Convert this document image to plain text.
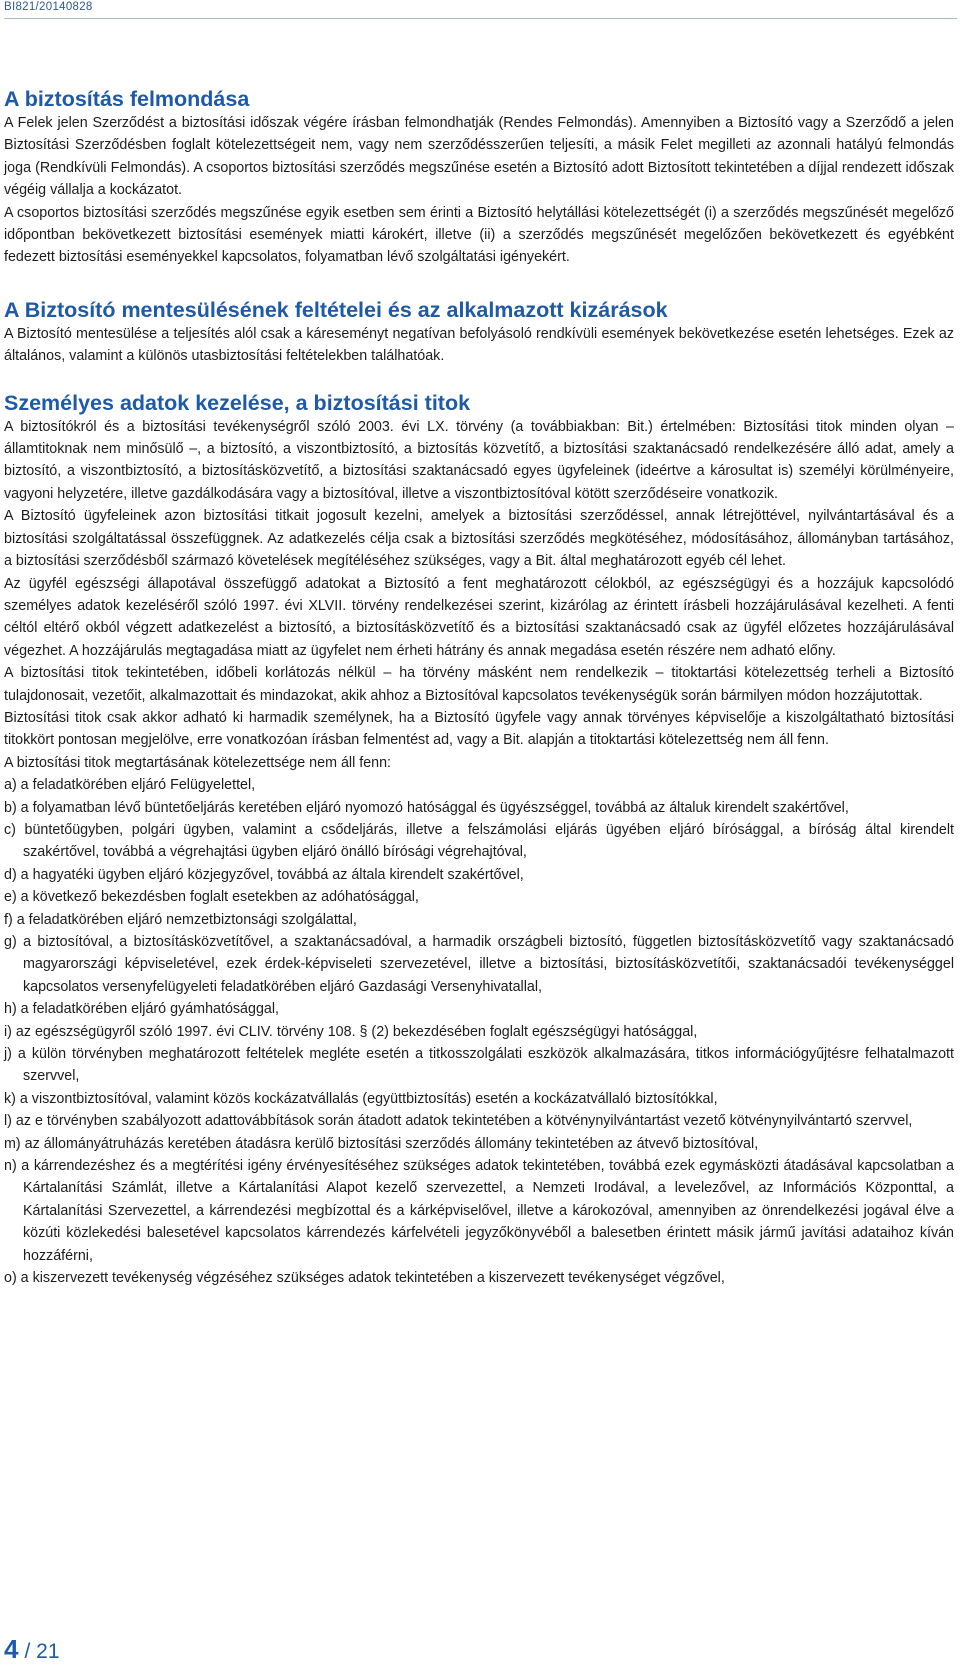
BI821/20140828
A biztosítás felmondása

A Felek jelen Szerződést a biztosítási időszak végére írásban felmondhatják (Rendes Felmondás). Amennyiben a Biztosító vagy a Szerződő a jelen Biztosítási Szerződésben foglalt kötelezettségeit nem, vagy nem szerződésszerűen teljesíti, a másik Felet megilleti az azonnali hatályú felmondás joga (Rendkívüli Felmondás). A csoportos biztosítási szerződés megszűnése esetén a Biztosító adott Biztosított tekintetében a díjjal rendezett időszak végéig vállalja a kockázatot.

A csoportos biztosítási szerződés megszűnése egyik esetben sem érinti a Biztosító helytállási kötelezettségét (i) a szerződés megszűnését megelőző időpontban bekövetkezett biztosítási események miatti károkért, illetve (ii) a szerződés megszűnését megelőzően bekövetkezett és egyébként fedezett biztosítási eseményekkel kapcsolatos, folyamatban lévő szolgáltatási igényekért.

A Biztosító mentesülésének feltételei és az alkalmazott kizárások

A Biztosító mentesülése a teljesítés alól csak a káreseményt negatívan befolyásoló rendkívüli események bekövetkezése esetén lehetséges. Ezek az általános, valamint a különös utasbiztosítási feltételekben találhatóak.

Személyes adatok kezelése, a biztosítási titok

A biztosítókról és a biztosítási tevékenységről szóló 2003. évi LX. törvény (a továbbiakban: Bit.) értelmében: Biztosítási titok minden olyan – államtitoknak nem minősülő –, a biztosító, a viszontbiztosító, a biztosítás közvetítő, a biztosítási szaktanácsadó rendelkezésére álló adat, amely a biztosító, a viszontbiztosító, a biztosításközvetítő, a biztosítási szaktanácsadó egyes ügyfeleinek (ideértve a károsultat is) személyi körülményeire, vagyoni helyzetére, illetve gazdálkodására vagy a biztosítóval, illetve a viszontbiztosítóval kötött szerződéseire vonatkozik.

A Biztosító ügyfeleinek azon biztosítási titkait jogosult kezelni, amelyek a biztosítási szerződéssel, annak létrejöttével, nyilvántartásával és a biztosítási szolgáltatással összefüggnek. Az adatkezelés célja csak a biztosítási szerződés megkötéséhez, módosításához, állományban tartásához, a biztosítási szerződésből származó követelések megítéléséhez szükséges, vagy a Bit. által meghatározott egyéb cél lehet.

Az ügyfél egészségi állapotával összefüggő adatokat a Biztosító a fent meghatározott célokból, az egészségügyi és a hozzájuk kapcsolódó személyes adatok kezeléséről szóló 1997. évi XLVII. törvény rendelkezései szerint, kizárólag az érintett írásbeli hozzájárulásával kezelheti. A fenti céltól eltérő okból végzett adatkezelést a biztosító, a biztosításközvetítő és a biztosítási szaktanácsadó csak az ügyfél előzetes hozzájárulásával végezhet. A hozzájárulás megtagadása miatt az ügyfelet nem érheti hátrány és annak megadása esetén részére nem adható előny.

A biztosítási titok tekintetében, időbeli korlátozás nélkül – ha törvény másként nem rendelkezik – titoktartási kötelezettség terheli a Biztosító tulajdonosait, vezetőit, alkalmazottait és mindazokat, akik ahhoz a Biztosítóval kapcsolatos tevékenységük során bármilyen módon hozzájutottak.

Biztosítási titok csak akkor adható ki harmadik személynek, ha a Biztosító ügyfele vagy annak törvényes képviselője a kiszolgáltatható biztosítási titokkört pontosan megjelölve, erre vonatkozóan írásban felmentést ad, vagy a Bit. alapján a titoktartási kötelezettség nem áll fenn.

A biztosítási titok megtartásának kötelezettsége nem áll fenn:

a) a feladatkörében eljáró Felügyelettel,

b) a folyamatban lévő büntetőeljárás keretében eljáró nyomozó hatósággal és ügyészséggel, továbbá az általuk kirendelt szakértővel,

c) büntetőügyben, polgári ügyben, valamint a csődeljárás, illetve a felszámolási eljárás ügyében eljáró bírósággal, a bíróság által kirendelt szakértővel, továbbá a végrehajtási ügyben eljáró önálló bírósági végrehajtóval,

d) a hagyatéki ügyben eljáró közjegyzővel, továbbá az általa kirendelt szakértővel,

e) a következő bekezdésben foglalt esetekben az adóhatósággal,

f) a feladatkörében eljáró nemzetbiztonsági szolgálattal,

g) a biztosítóval, a biztosításközvetítővel, a szaktanácsadóval, a harmadik országbeli biztosító, független biztosításközvetítő vagy szaktanácsadó magyarországi képviseletével, ezek érdek-képviseleti szervezetével, illetve a biztosítási, biztosításközvetítői, szaktanácsadói tevékenységgel kapcsolatos versenyfelügyeleti feladatkörében eljáró Gazdasági Versenyhivatallal,

h) a feladatkörében eljáró gyámhatósággal,

i) az egészségügyről szóló 1997. évi CLIV. törvény 108. § (2) bekezdésében foglalt egészségügyi hatósággal,

j) a külön törvényben meghatározott feltételek megléte esetén a titkosszolgálati eszközök alkalmazására, titkos információgyűjtésre felhatalmazott szervvel,

k) a viszontbiztosítóval, valamint közös kockázatvállalás (együttbiztosítás) esetén a kockázatvállaló biztosítókkal,

l) az e törvényben szabályozott adattovábbítások során átadott adatok tekintetében a kötvénynyilvántartást vezető kötvénynyilvántartó szervvel,

m) az állományátruházás keretében átadásra kerülő biztosítási szerződés állomány tekintetében az átvevő biztosítóval,

n) a kárrendezéshez és a megtérítési igény érvényesítéséhez szükséges adatok tekintetében, továbbá ezek egymásközti átadásával kapcsolatban a Kártalanítási Számlát, illetve a Kártalanítási Alapot kezelő szervezettel, a Nemzeti Irodával, a levelezővel, az Információs Központtal, a Kártalanítási Szervezettel, a kárrendezési megbízottal és a kárképviselővel, illetve a károkozóval, amennyiben az önrendelkezési jogával élve a közúti közlekedési balesetével kapcsolatos kárrendezés kárfelvételi jegyzőkönyvéből a balesetben érintett másik jármű javítási adataihoz kíván hozzáférni,

o) a kiszervezett tevékenység végzéséhez szükséges adatok tekintetében a kiszervezett tevékenységet végzővel,

4 / 21
